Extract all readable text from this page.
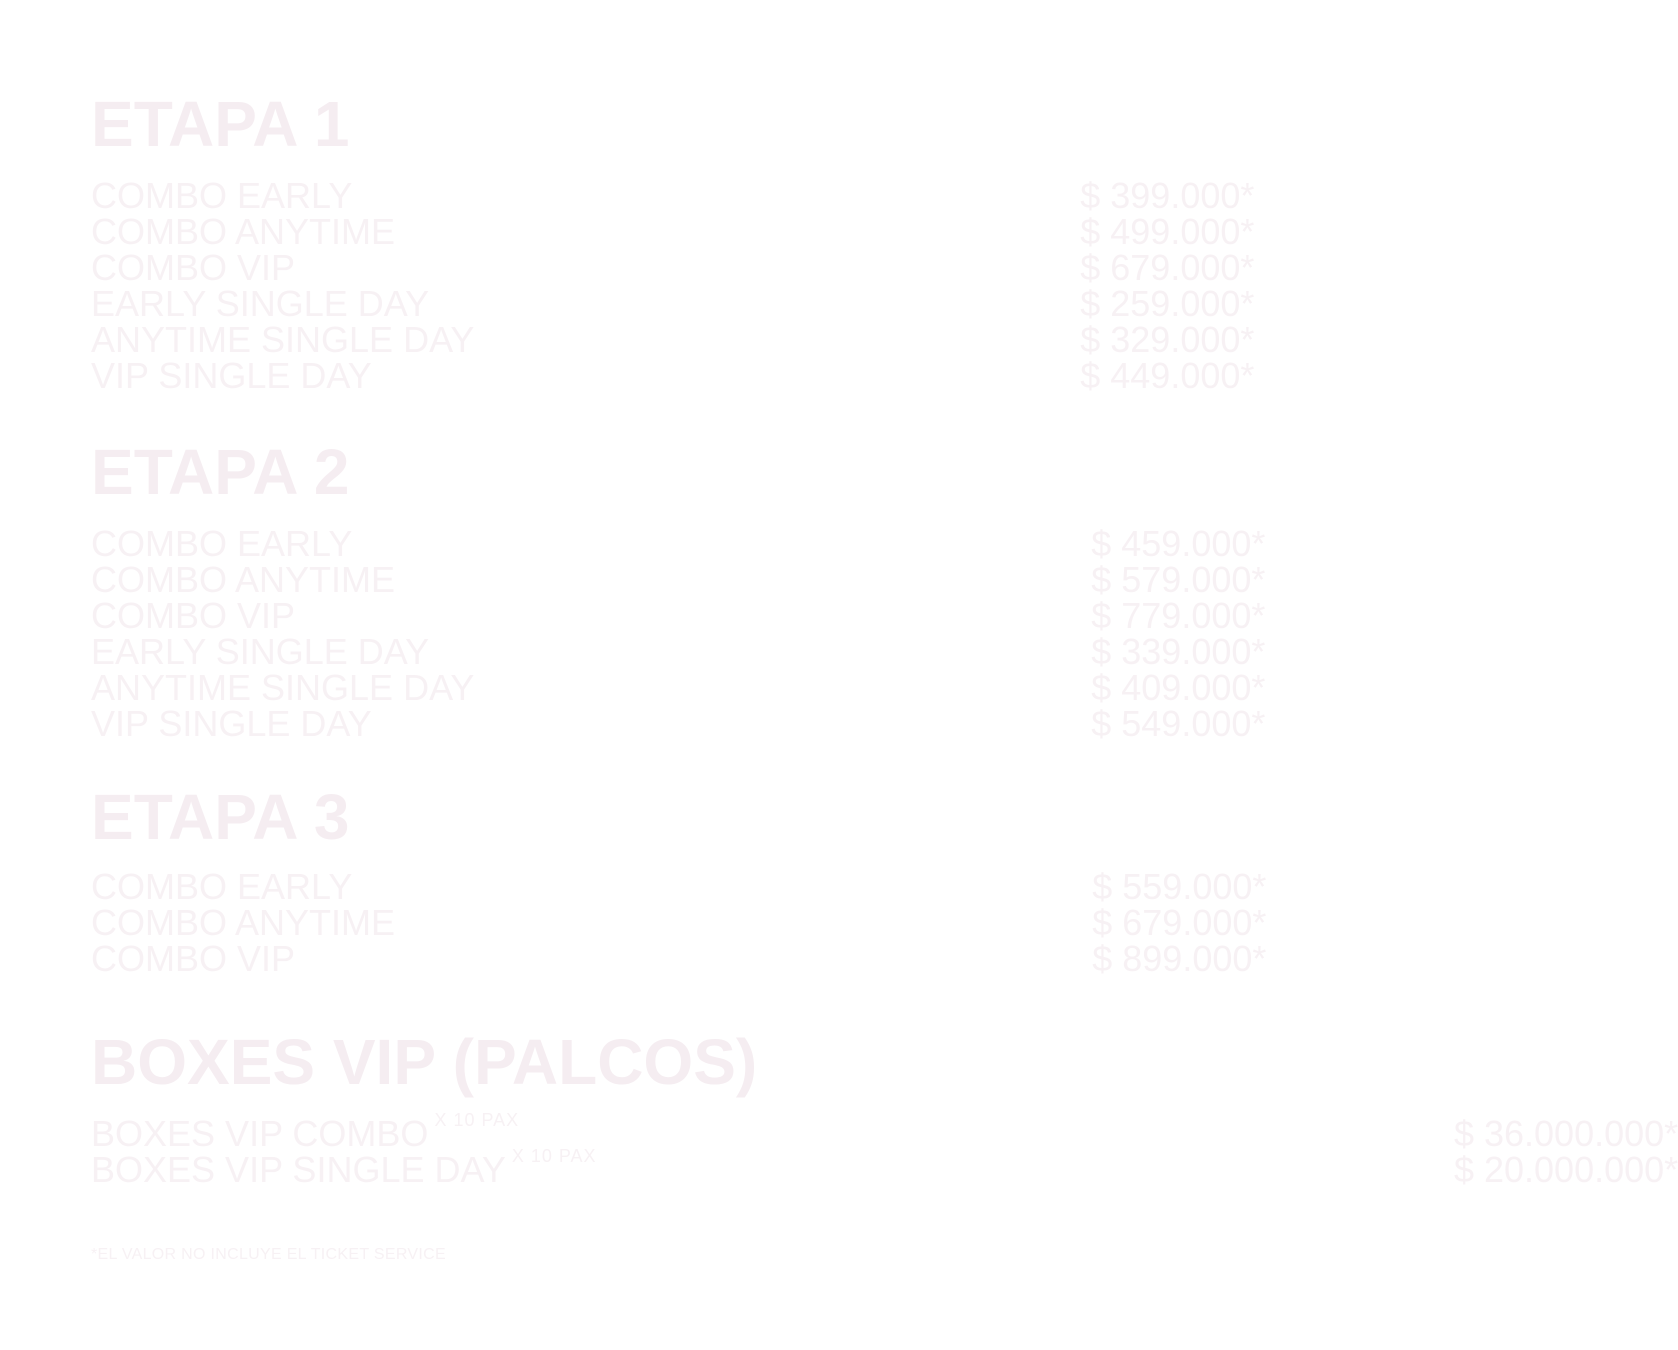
ETAPA 1
COMBO EARLY	$ 399.000*
COMBO ANYTIME	$ 499.000*
COMBO VIP	$ 679.000*
EARLY SINGLE DAY	$ 259.000*
ANYTIME SINGLE DAY	$ 329.000*
VIP SINGLE DAY	$ 449.000*
ETAPA 2
COMBO EARLY	$ 459.000*
COMBO ANYTIME	$ 579.000*
COMBO VIP	$ 779.000*
EARLY SINGLE DAY	$ 339.000*
ANYTIME SINGLE DAY	$ 409.000*
VIP SINGLE DAY	$ 549.000*
ETAPA 3
COMBO EARLY	$ 559.000*
COMBO ANYTIME	$ 679.000*
COMBO VIP	$ 899.000*
BOXES VIP (PALCOS)
BOXES VIP COMBO $^{X 10 PAX}$	$ 36.000.000*
BOXES VIP SINGLE DAY $^{X 10 PAX}$	$ 20.000.000*
*EL VALOR NO INCLUYE EL TICKET SERVICE
